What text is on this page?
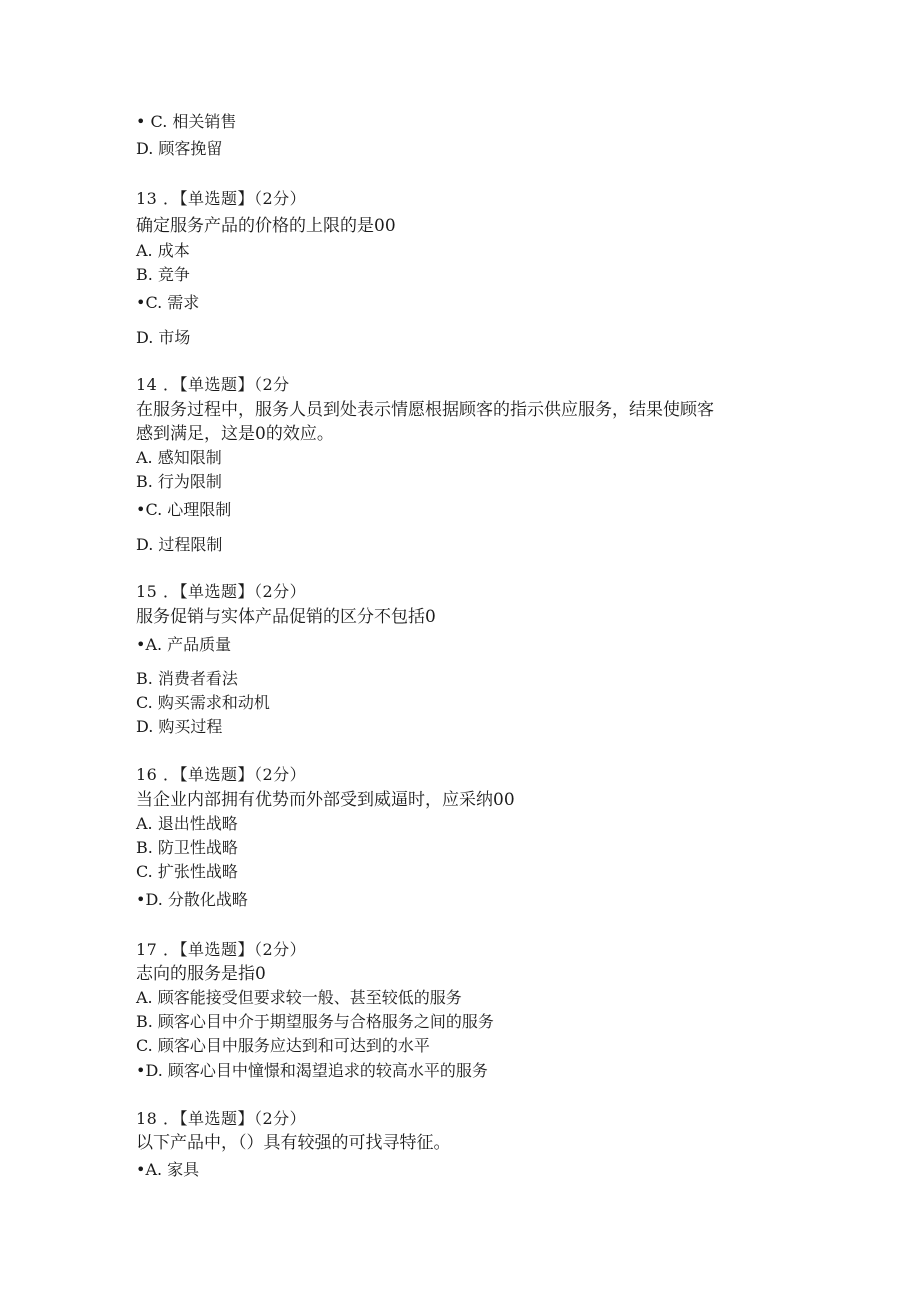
• C. 相关销售
D. 顾客挽留
13 ．【单选题】（2分）
确定服务产品的价格的上限的是00
A. 成本
B. 竞争
•C. 需求
D. 市场
14 ．【单选题】（2分
在服务过程中，服务人员到处表示情愿根据顾客的指示供应服务，结果使顾客
感到满足，这是0的效应。
A. 感知限制
B. 行为限制
•C. 心理限制
D. 过程限制
15 ．【单选题】（2分）
服务促销与实体产品促销的区分不包括0
•A. 产品质量
B. 消费者看法
C. 购买需求和动机
D. 购买过程
16 ．【单选题】（2分）
当企业内部拥有优势而外部受到威逼时，应采纳00
A. 退出性战略
B. 防卫性战略
C. 扩张性战略
•D. 分散化战略
17 ．【单选题】（2分）
志向的服务是指0
A. 顾客能接受但要求较一般、甚至较低的服务
B. 顾客心目中介于期望服务与合格服务之间的服务
C. 顾客心目中服务应达到和可达到的水平
•D. 顾客心目中憧憬和渴望追求的较高水平的服务
18 ．【单选题】（2分）
以下产品中，（）具有较强的可找寻特征。
•A. 家具
